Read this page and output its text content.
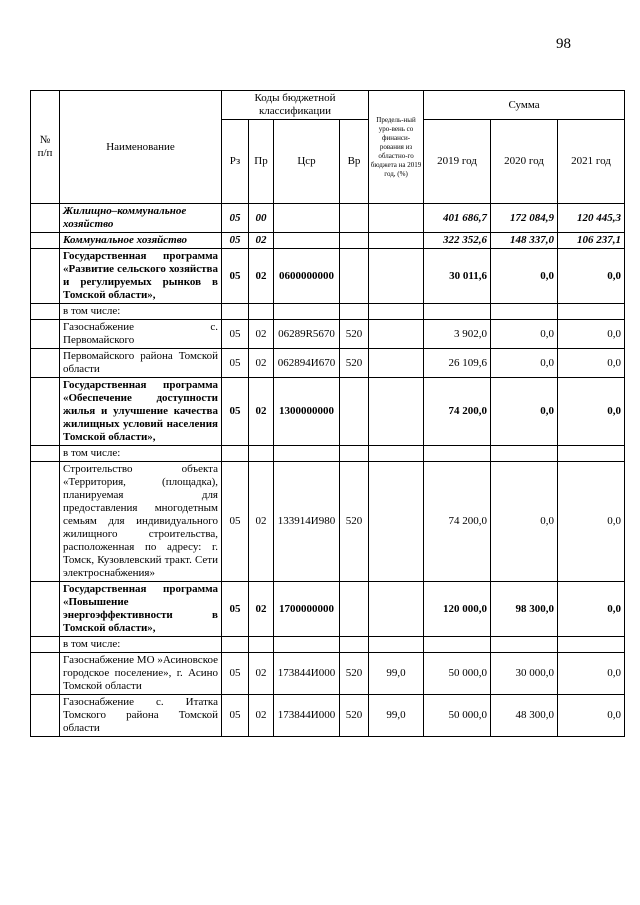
98
№ п/п	Наименование	Коды бюджетной классификации				Предель-ный уро-вень со финанси-рования из областно-го бюджета на 2019 год, (%)	Сумма		
		Рз	Пр	Цср	Вр		2019 год	2020 год	2021 год
	Жилищно–коммунальное хозяйство	05	00				401 686,7	172 084,9	120 445,3
	Коммунальное хозяйство	05	02				322 352,6	148 337,0	106 237,1
	Государственная программа «Развитие сельского хозяйства и регулируемых рынков в Томской области»,	05	02	0600000000			30 011,6	0,0	0,0
	в том числе:								
	Газоснабжение с. Первомайского	05	02	06289R5670	520		3 902,0	0,0	0,0
	Первомайского района Томской области	05	02	062894И670	520		26 109,6	0,0	0,0
	Государственная программа «Обеспечение доступности жилья и улучшение качества жилищных условий населения Томской области»,	05	02	1300000000			74 200,0	0,0	0,0
	в том числе:								
	Строительство объекта «Территория, (площадка), планируемая для предоставления многодетным семьям для индивидуального жилищного строительства, расположенная по адресу: г. Томск, Кузовлевский тракт. Сети электроснабжения»	05	02	133914И980	520		74 200,0	0,0	0,0
	Государственная программа «Повышение энергоэффективности в Томской области»,	05	02	1700000000			120 000,0	98 300,0	0,0
	в том числе:								
	Газоснабжение МО »Асиновское городское поселение», г. Асино Томской области	05	02	173844И000	520	99,0	50 000,0	30 000,0	0,0
	Газоснабжение с. Итатка Томского района Томской области	05	02	173844И000	520	99,0	50 000,0	48 300,0	0,0
